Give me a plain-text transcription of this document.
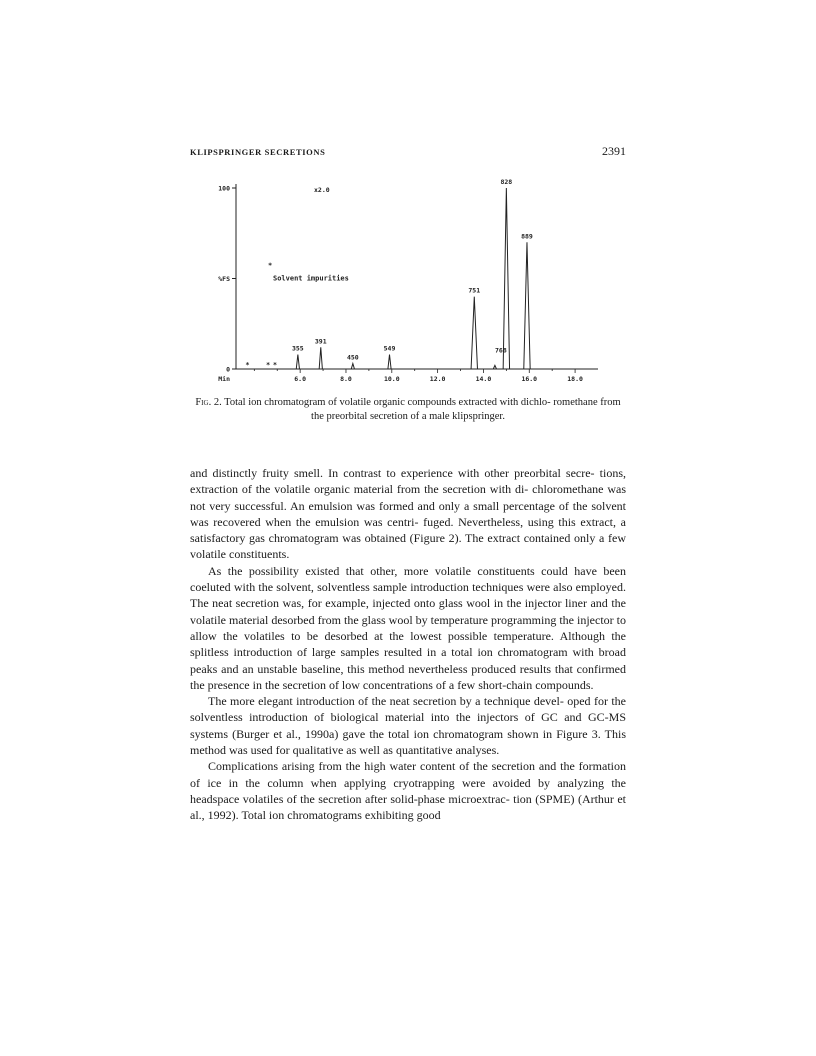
KLIPSPRINGER SECRETIONS	2391
100
%FS
0
6.0	8.0	10.0	12.0	14.0	16.0	18.0
Min
x2.0
*
Solvent impurities
* * *
355
391
450
549
751
768
828
889
Fig. 2. Total ion chromatogram of volatile organic compounds extracted with dichlo- romethane from the preorbital secretion of a male klipspringer.

and distinctly fruity smell. In contrast to experience with other preorbital secre- tions, extraction of the volatile organic material from the secretion with di- chloromethane was not very successful. An emulsion was formed and only a small percentage of the solvent was recovered when the emulsion was centri- fuged. Nevertheless, using this extract, a satisfactory gas chromatogram was obtained (Figure 2). The extract contained only a few volatile constituents.

As the possibility existed that other, more volatile constituents could have been coeluted with the solvent, solventless sample introduction techniques were also employed. The neat secretion was, for example, injected onto glass wool in the injector liner and the volatile material desorbed from the glass wool by temperature programming the injector to allow the volatiles to be desorbed at the lowest possible temperature. Although the splitless introduction of large samples resulted in a total ion chromatogram with broad peaks and an unstable baseline, this method nevertheless produced results that confirmed the presence in the secretion of low concentrations of a few short-chain compounds.

The more elegant introduction of the neat secretion by a technique devel- oped for the solventless introduction of biological material into the injectors of GC and GC-MS systems (Burger et al., 1990a) gave the total ion chromatogram shown in Figure 3. This method was used for qualitative as well as quantitative analyses.

Complications arising from the high water content of the secretion and the formation of ice in the column when applying cryotrapping were avoided by analyzing the headspace volatiles of the secretion after solid-phase microextrac- tion (SPME) (Arthur et al., 1992). Total ion chromatograms exhibiting good
